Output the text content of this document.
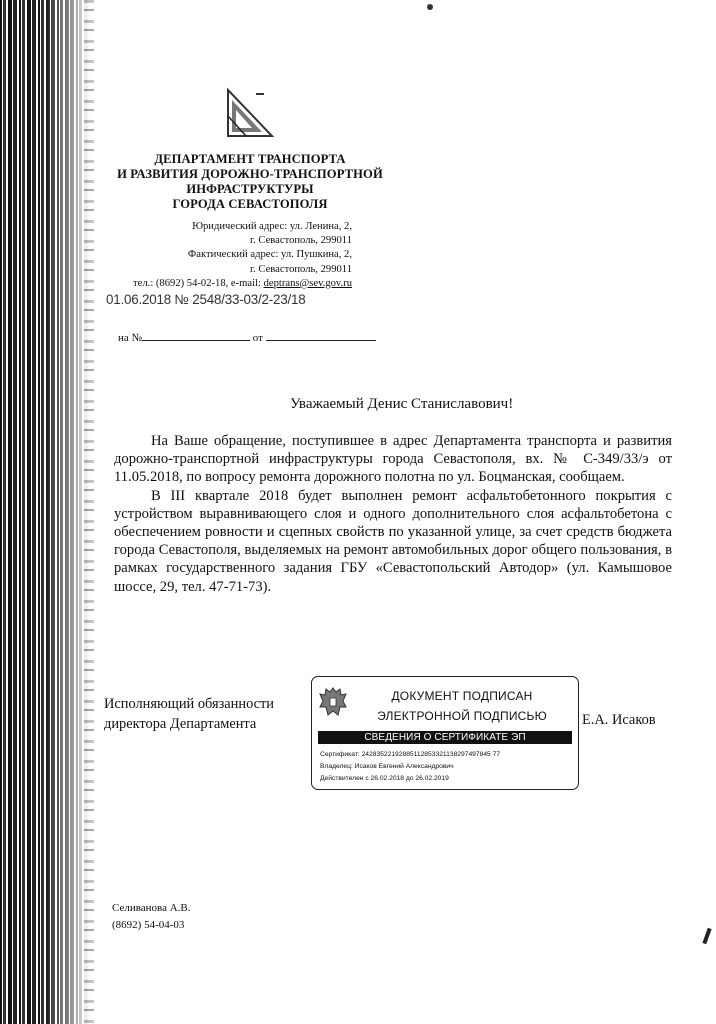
ДЕПАРТАМЕНТ ТРАНСПОРТА
И РАЗВИТИЯ ДОРОЖНО-ТРАНСПОРТНОЙ
ИНФРАСТРУКТУРЫ
ГОРОДА СЕВАСТОПОЛЯ
Юридический адрес: ул. Ленина, 2,
г. Севастополь, 299011
Фактический адрес: ул. Пушкина, 2,
г. Севастополь, 299011
тел.: (8692) 54-02-18, e-mail: deptrans@sev.gov.ru
01.06.2018 № 2548/33-03/2-23/18
на №	от
Уважаемый Денис Станиславович!

На Ваше обращение, поступившее в адрес Департамента транспорта и развития дорожно-транспортной инфраструктуры города Севастополя, вх. № С-349/33/э от 11.05.2018, по вопросу ремонта дорожного полотна по ул. Боцманская, сообщаем.

В III квартале 2018 будет выполнен ремонт асфальтобетонного покрытия с устройством выравнивающего слоя и одного дополнительного слоя асфальтобетона с обеспечением ровности и сцепных свойств по указанной улице, за счет средств бюджета города Севастополя, выделяемых на ремонт автомобильных дорог общего пользования, в рамках государственного задания ГБУ «Севастопольский Автодор» (ул. Камышовое шоссе, 29, тел. 47-71-73).

Исполняющий обязанности
директора Департамента
ДОКУМЕНТ ПОДПИСАН
ЭЛЕКТРОННОЙ ПОДПИСЬЮ
СВЕДЕНИЯ О СЕРТИФИКАТЕ ЭП
Сертификат: 24283522192885112853321138297497845 77
Владелец: Исаков Евгений Александрович
Действителен с 26.02.2018 до 26.02.2019
Е.А. Исаков
Селиванова А.В.
(8692) 54-04-03
